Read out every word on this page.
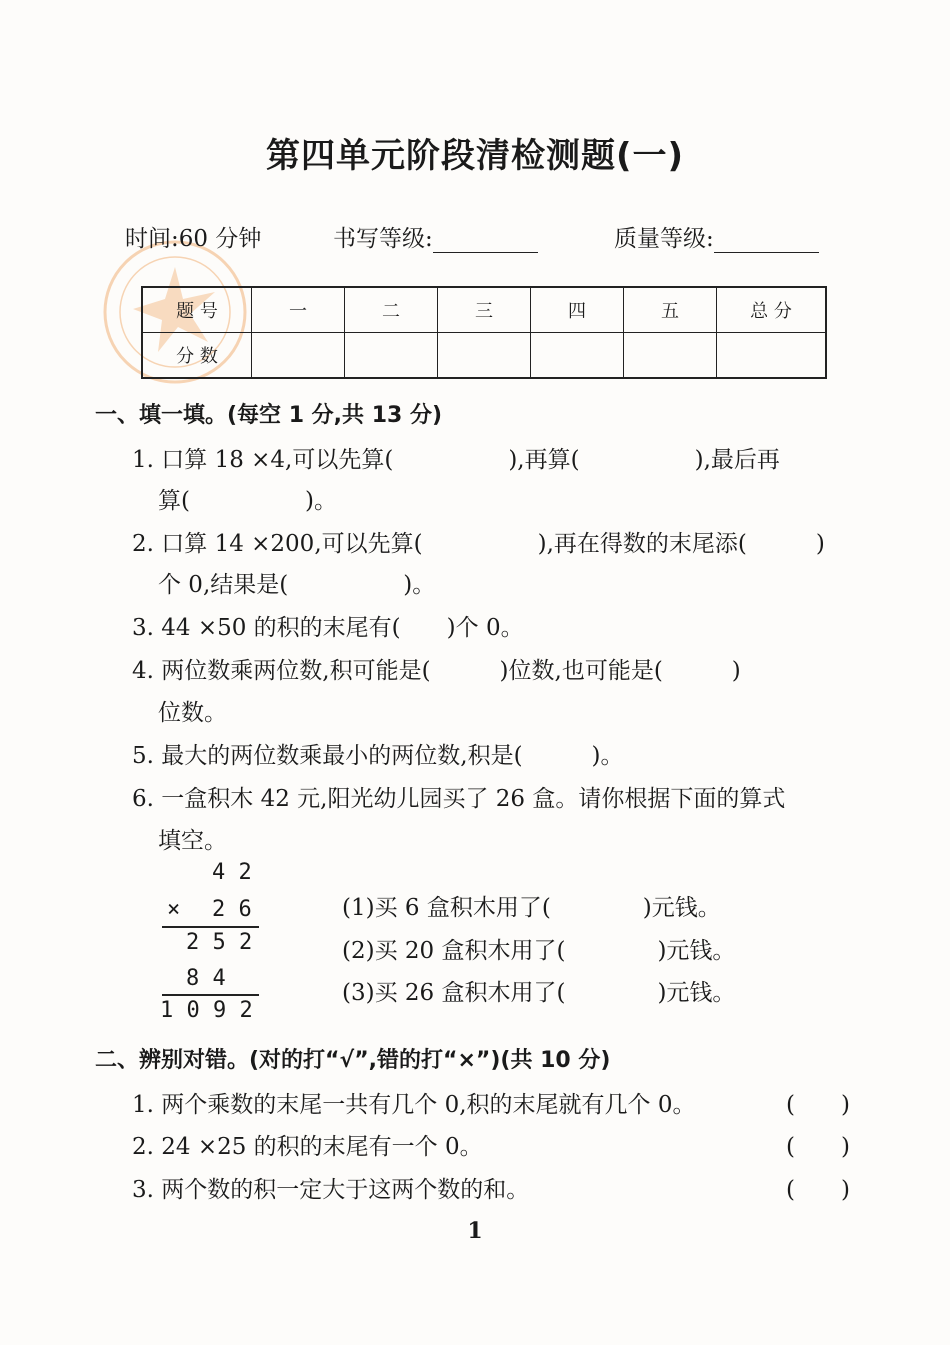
第四单元阶段清检测题(一)
时间:60 分钟	书写等级:	质量等级:
题 号	一	二	三	四	五	总 分
分 数						
一、填一填。(每空 1 分,共 13 分)
1. 口算 18 ×4,可以先算(　　　　　),再算(　　　　　),最后再
算(　　　　　)。
2. 口算 14 ×200,可以先算(　　　　　),再在得数的末尾添(　　　)
个 0,结果是(　　　　　)。
3. 44 ×50 的积的末尾有(　　)个 0。
4. 两位数乘两位数,积可能是(　　　)位数,也可能是(　　　)
位数。
5. 最大的两位数乘最小的两位数,积是(　　　)。
6. 一盒积木 42 元,阳光幼儿园买了 26 盒。请你根据下面的算式
填空。
4 2
× 2 6
2 5 2
8 4
1 0 9 2
(1)买 6 盒积木用了(　　　　)元钱。
(2)买 20 盒积木用了(　　　　)元钱。
(3)买 26 盒积木用了(　　　　)元钱。
二、辨别对错。(对的打“√”,错的打“×”)(共 10 分)
1. 两个乘数的末尾一共有几个 0,积的末尾就有几个 0。	(　　)
2. 24 ×25 的积的末尾有一个 0。	(　　)
3. 两个数的积一定大于这两个数的和。	(　　)
1
